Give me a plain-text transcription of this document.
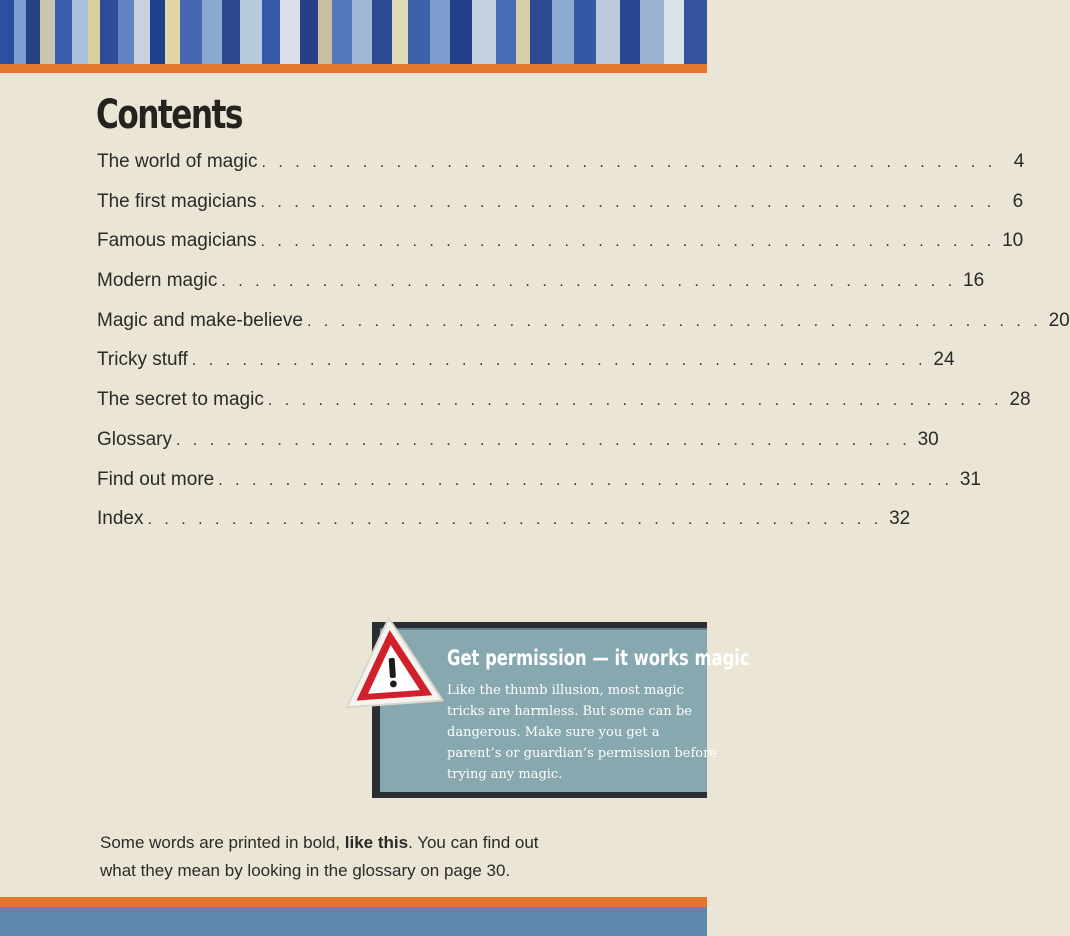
Contents
The world of magic . . . . . . . . . . . . . . . . . . . . . . . . . . . . . . . . . . . . . . . . . . . . 4
The first magicians . . . . . . . . . . . . . . . . . . . . . . . . . . . . . . . . . . . . . . . . . . . . 6
Famous magicians . . . . . . . . . . . . . . . . . . . . . . . . . . . . . . . . . . . . . . . . . . . . 10
Modern magic . . . . . . . . . . . . . . . . . . . . . . . . . . . . . . . . . . . . . . . . . . . . 16
Magic and make-believe . . . . . . . . . . . . . . . . . . . . . . . . . . . . . . . . . . . . . . . . . . . . 20
Tricky stuff . . . . . . . . . . . . . . . . . . . . . . . . . . . . . . . . . . . . . . . . . . . . 24
The secret to magic . . . . . . . . . . . . . . . . . . . . . . . . . . . . . . . . . . . . . . . . . . . . 28
Glossary . . . . . . . . . . . . . . . . . . . . . . . . . . . . . . . . . . . . . . . . . . . . 30
Find out more . . . . . . . . . . . . . . . . . . . . . . . . . . . . . . . . . . . . . . . . . . . . 31
Index . . . . . . . . . . . . . . . . . . . . . . . . . . . . . . . . . . . . . . . . . . . . 32
Get permission — it works magic
Like the thumb illusion, most magic tricks are harmless. But some can be dangerous. Make sure you get a parent’s or guardian’s permission before trying any magic.
Some words are printed in bold, like this. You can find out what they mean by looking in the glossary on page 30.
